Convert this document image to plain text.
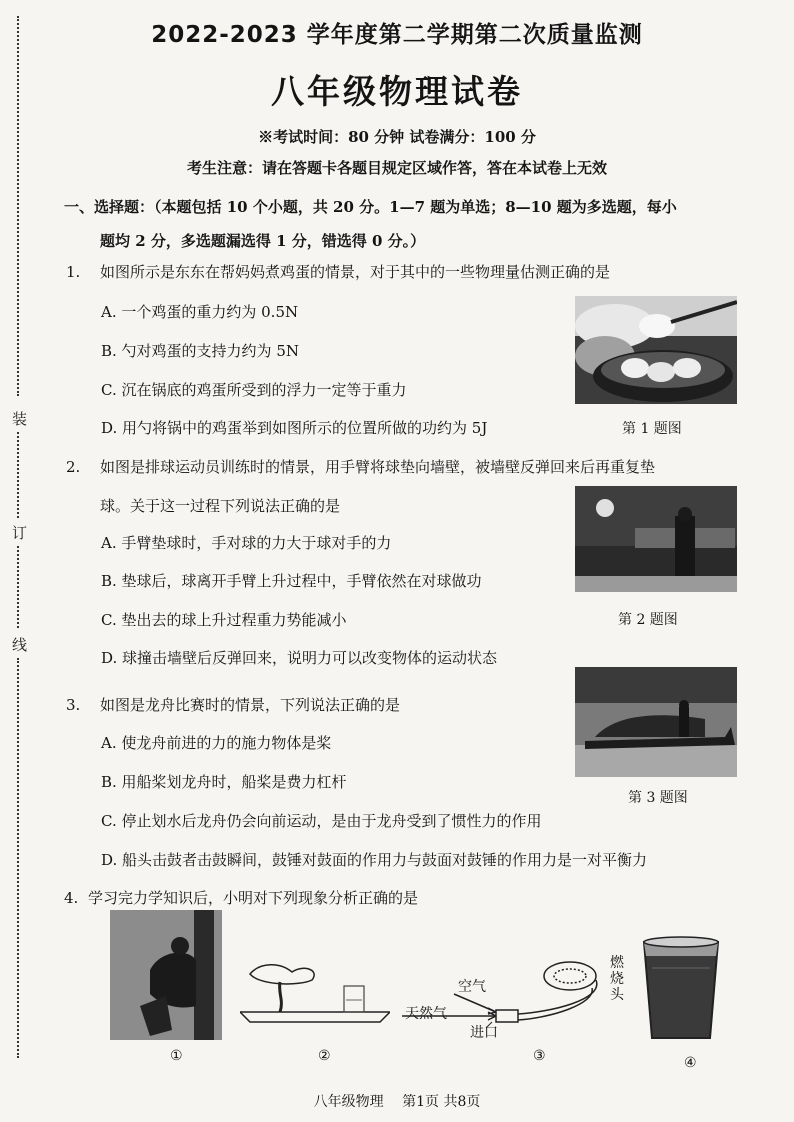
装
订
线
2022-2023 学年度第二学期第二次质量监测
八年级物理试卷
※考试时间：80 分钟 试卷满分：100 分
考生注意：请在答题卡各题目规定区域作答，答在本试卷上无效
一、选择题：（本题包括 10 个小题，共 20 分。1—7 题为单选；8—10 题为多选题，每小
题均 2 分，多选题漏选得 1 分，错选得 0 分。）
1. 如图所示是东东在帮妈妈煮鸡蛋的情景，对于其中的一些物理量估测正确的是
A. 一个鸡蛋的重力约为 0.5N
B. 勺对鸡蛋的支持力约为 5N
C. 沉在锅底的鸡蛋所受到的浮力一定等于重力
D. 用勺将锅中的鸡蛋举到如图所示的位置所做的功约为 5J	第 1 题图
2. 如图是排球运动员训练时的情景，用手臂将球垫向墙壁，被墙壁反弹回来后再重复垫
球。关于这一过程下列说法正确的是
A. 手臂垫球时，手对球的力大于球对手的力
B. 垫球后，球离开手臂上升过程中，手臂依然在对球做功
C. 垫出去的球上升过程重力势能减小
D. 球撞击墙壁后反弹回来，说明力可以改变物体的运动状态
第 2 题图
3. 如图是龙舟比赛时的情景，下列说法正确的是
A. 使龙舟前进的力的施力物体是桨
B. 用船桨划龙舟时，船桨是费力杠杆
C. 停止划水后龙舟仍会向前运动，是由于龙舟受到了惯性力的作用
D. 船头击鼓者击鼓瞬间，鼓锤对鼓面的作用力与鼓面对鼓锤的作用力是一对平衡力
第 3 题图
4. 学习完力学知识后，小明对下列现象分析正确的是
①	②
空气
天然气
进口
燃烧头
③	④
八年级物理　 第1页 共8页
